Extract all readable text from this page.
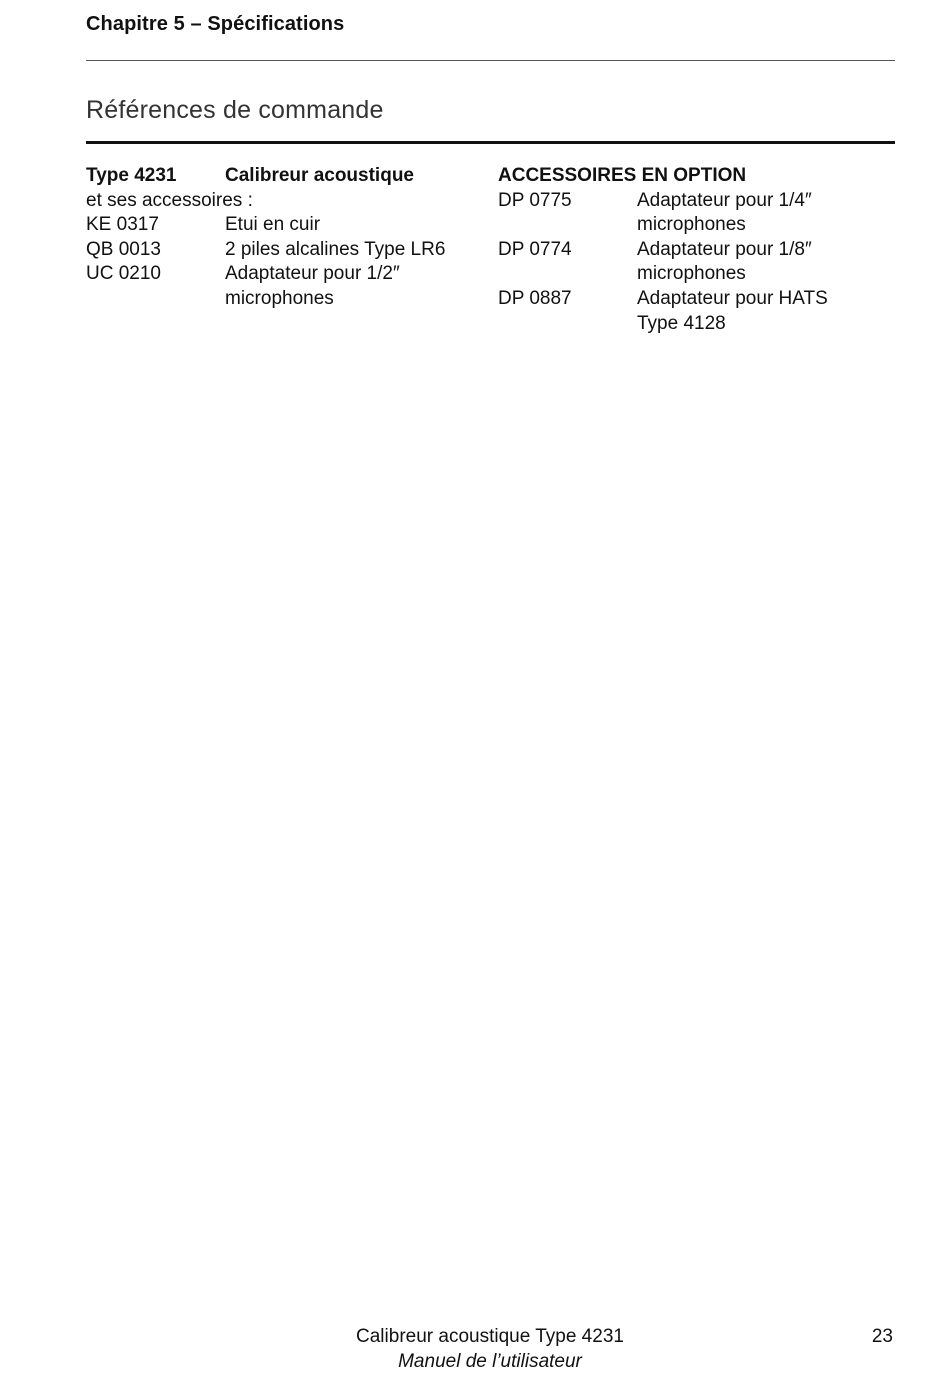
Chapitre 5 – Spécifications
Références de commande
Type 4231	Calibreur acoustique
et ses accessoires :
KE 0317	Etui en cuir
QB 0013	2 piles alcalines Type LR6
UC 0210	Adaptateur pour 1/2″
microphones
ACCESSOIRES EN OPTION
DP 0775	Adaptateur pour 1/4″
microphones
DP 0774	Adaptateur pour 1/8″
microphones
DP 0887	Adaptateur pour HATS
Type 4128
Calibreur acoustique Type 4231
Manuel de l’utilisateur
23
